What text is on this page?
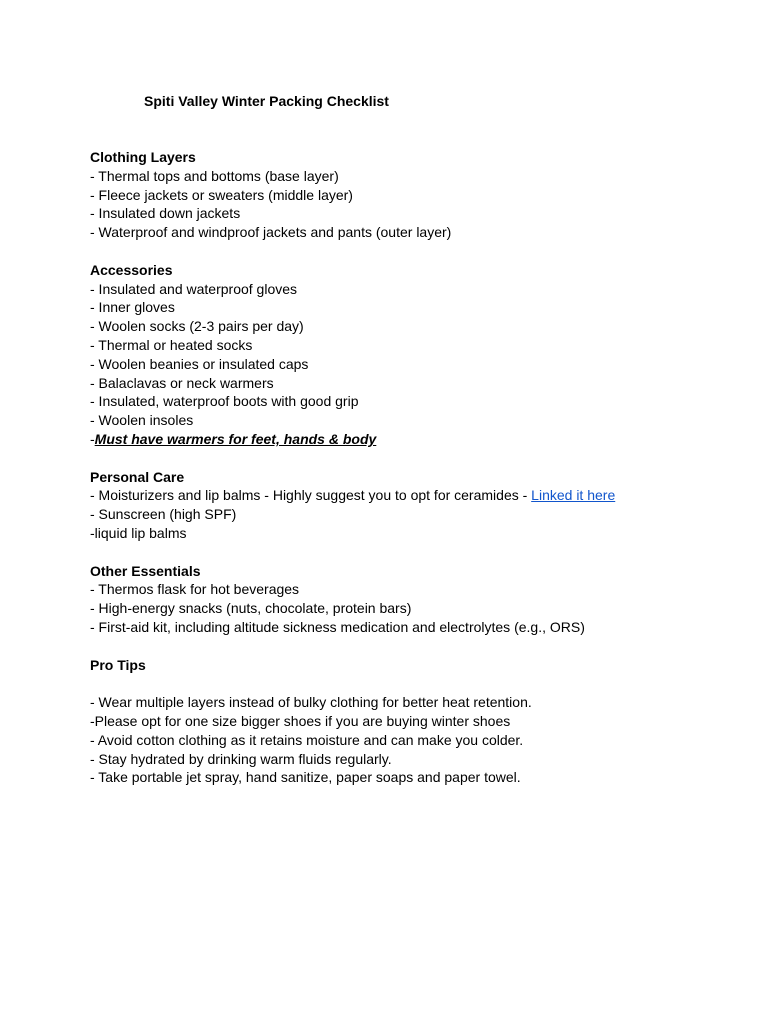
Spiti Valley Winter Packing Checklist
Clothing Layers
- Thermal tops and bottoms (base layer)
- Fleece jackets or sweaters (middle layer)
- Insulated down jackets
- Waterproof and windproof jackets and pants (outer layer)
Accessories
- Insulated and waterproof gloves
- Inner gloves
- Woolen socks (2-3 pairs per day)
- Thermal or heated socks
- Woolen beanies or insulated caps
- Balaclavas or neck warmers
- Insulated, waterproof boots with good grip
- Woolen insoles
-Must have warmers for feet, hands & body
Personal Care
- Moisturizers and lip balms - Highly suggest you to opt for ceramides - Linked it here
- Sunscreen (high SPF)
-liquid lip balms
Other Essentials
- Thermos flask for hot beverages
- High-energy snacks (nuts, chocolate, protein bars)
- First-aid kit, including altitude sickness medication and electrolytes (e.g., ORS)
Pro Tips
- Wear multiple layers instead of bulky clothing for better heat retention.
-Please opt for one size bigger shoes if you are buying winter shoes
- Avoid cotton clothing as it retains moisture and can make you colder.
- Stay hydrated by drinking warm fluids regularly.
- Take portable jet spray, hand sanitize, paper soaps and paper towel.
